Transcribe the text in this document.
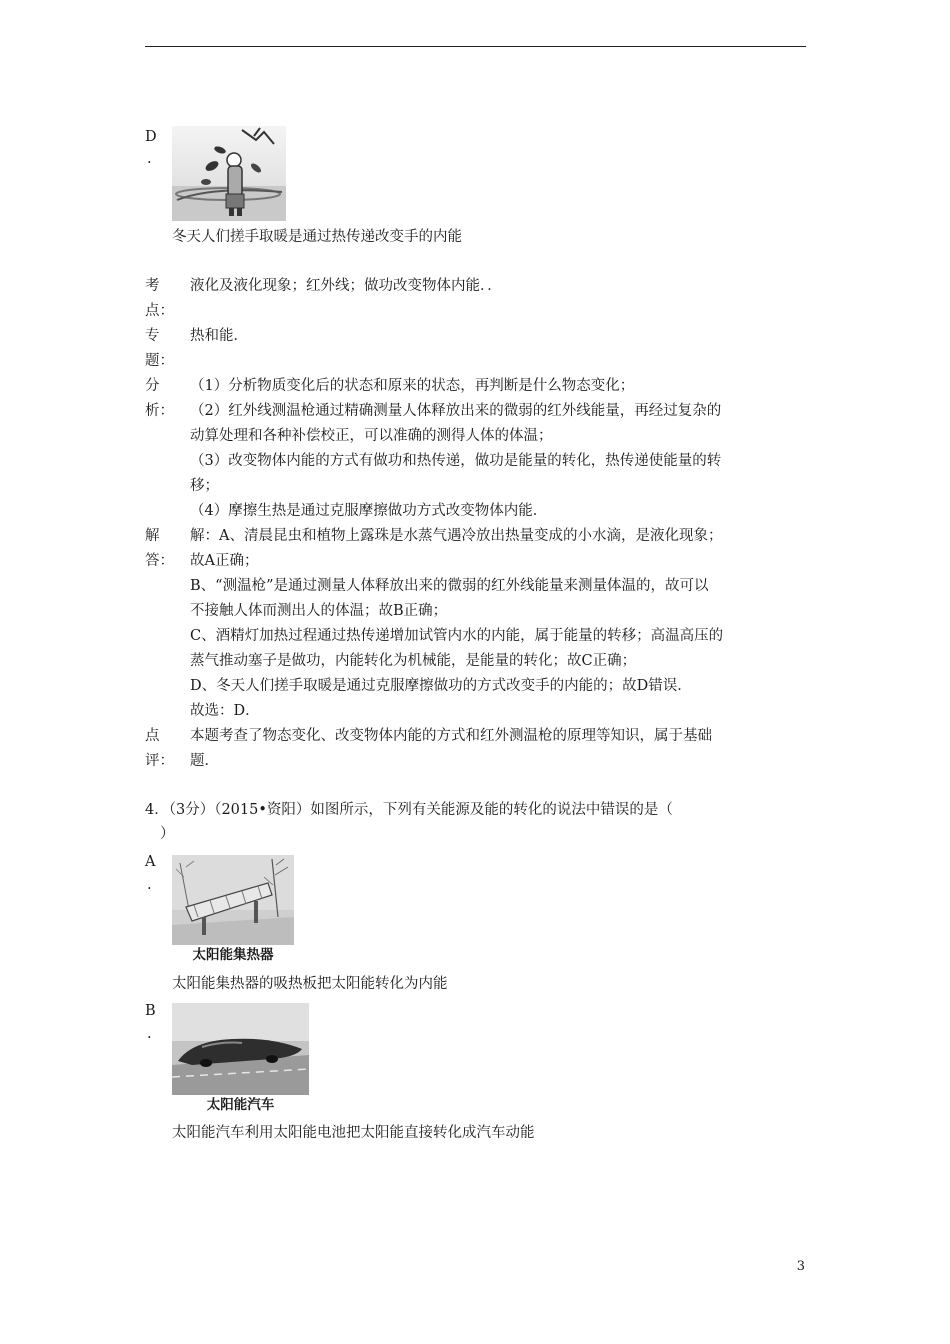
D
.
冬天人们搓手取暖是通过热传递改变手的内能
考
点：
液化及液化现象；红外线；做功改变物体内能．．
专
题：
热和能．
分
析：
（1）分析物质变化后的状态和原来的状态，再判断是什么物态变化；
（2）红外线测温枪通过精确测量人体释放出来的微弱的红外线能量，再经过复杂的
动算处理和各种补偿校正，可以准确的测得人体的体温；
（3）改变物体内能的方式有做功和热传递，做功是能量的转化，热传递使能量的转
移；
（4）摩擦生热是通过克服摩擦做功方式改变物体内能．
解
答：
解：A、清晨昆虫和植物上露珠是水蒸气遇冷放出热量变成的小水滴，是液化现象；
故A正确；
B、“测温枪”是通过测量人体释放出来的微弱的红外线能量来测量体温的，故可以
不接触人体而测出人的体温；故B正确；
C、酒精灯加热过程通过热传递增加试管内水的内能，属于能量的转移；高温高压的
蒸气推动塞子是做功，内能转化为机械能，是能量的转化；故C正确；
D、冬天人们搓手取暖是通过克服摩擦做功的方式改变手的内能的；故D错误．
故选：D．
点
评：
本题考查了物态变化、改变物体内能的方式和红外测温枪的原理等知识，属于基础
题．
4．（3分）（2015•资阳）如图所示，下列有关能源及能的转化的说法中错误的是（
）
A
.
太阳能集热器
太阳能集热器的吸热板把太阳能转化为内能
B
.
太阳能汽车
太阳能汽车利用太阳能电池把太阳能直接转化成汽车动能
3
